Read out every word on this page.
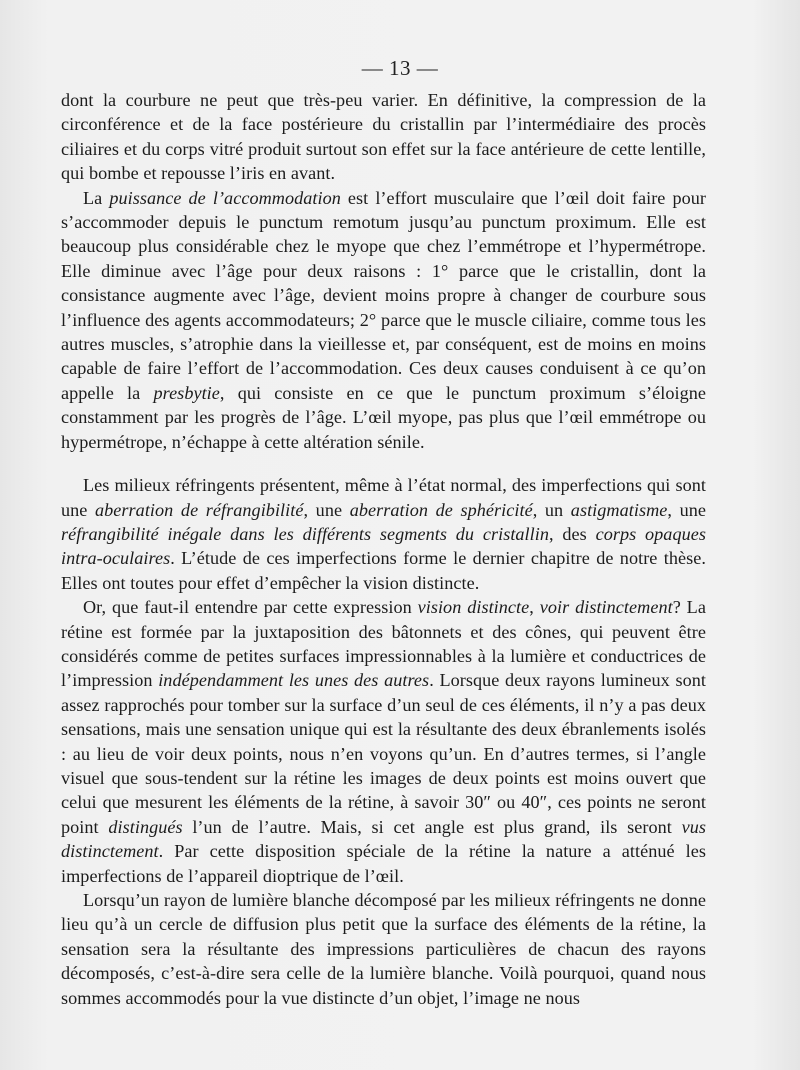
— 13 —

dont la courbure ne peut que très-peu varier. En définitive, la compression de la circonférence et de la face postérieure du cristallin par l’intermédiaire des procès ciliaires et du corps vitré produit surtout son effet sur la face antérieure de cette lentille, qui bombe et repousse l’iris en avant.

La puissance de l’accommodation est l’effort musculaire que l’œil doit faire pour s’accommoder depuis le punctum remotum jusqu’au punctum proximum. Elle est beaucoup plus considérable chez le myope que chez l’emmétrope et l’hypermétrope. Elle diminue avec l’âge pour deux raisons : 1° parce que le cristallin, dont la consistance augmente avec l’âge, devient moins propre à changer de courbure sous l’influence des agents accommodateurs; 2° parce que le muscle ciliaire, comme tous les autres muscles, s’atrophie dans la vieillesse et, par conséquent, est de moins en moins capable de faire l’effort de l’accommodation. Ces deux causes conduisent à ce qu’on appelle la presbytie, qui consiste en ce que le punctum proximum s’éloigne constamment par les progrès de l’âge. L’œil myope, pas plus que l’œil emmétrope ou hypermétrope, n’échappe à cette altération sénile.

Les milieux réfringents présentent, même à l’état normal, des imperfections qui sont une aberration de réfrangibilité, une aberration de sphéricité, un astigmatisme, une réfrangibilité inégale dans les différents segments du cristallin, des corps opaques intra-oculaires. L’étude de ces imperfections forme le dernier chapitre de notre thèse. Elles ont toutes pour effet d’empêcher la vision distincte.

Or, que faut-il entendre par cette expression vision distincte, voir distinctement? La rétine est formée par la juxtaposition des bâtonnets et des cônes, qui peuvent être considérés comme de petites surfaces impressionnables à la lumière et conductrices de l’impression indépendamment les unes des autres. Lorsque deux rayons lumineux sont assez rapprochés pour tomber sur la surface d’un seul de ces éléments, il n’y a pas deux sensations, mais une sensation unique qui est la résultante des deux ébranlements isolés : au lieu de voir deux points, nous n’en voyons qu’un. En d’autres termes, si l’angle visuel que sous-tendent sur la rétine les images de deux points est moins ouvert que celui que mesurent les éléments de la rétine, à savoir 30″ ou 40″, ces points ne seront point distingués l’un de l’autre. Mais, si cet angle est plus grand, ils seront vus distinctement. Par cette disposition spéciale de la rétine la nature a atténué les imperfections de l’appareil dioptrique de l’œil.

Lorsqu’un rayon de lumière blanche décomposé par les milieux réfringents ne donne lieu qu’à un cercle de diffusion plus petit que la surface des éléments de la rétine, la sensation sera la résultante des impressions particulières de chacun des rayons décomposés, c’est-à-dire sera celle de la lumière blanche. Voilà pourquoi, quand nous sommes accommodés pour la vue distincte d’un objet, l’image ne nous
